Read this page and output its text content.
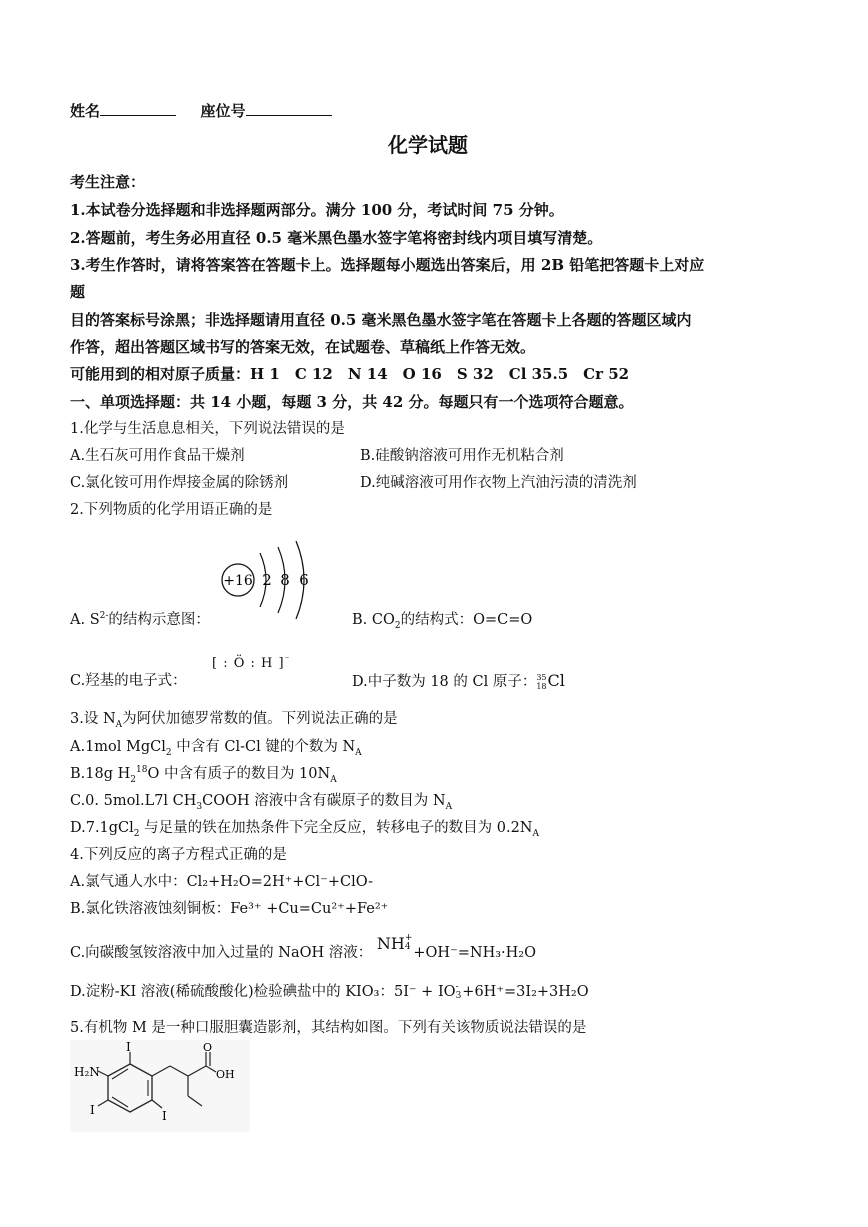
姓名	座位号
化学试题
考生注意：
1.本试卷分选择题和非选择题两部分。满分 100 分，考试时间 75 分钟。
2.答题前，考生务必用直径 0.5 毫米黑色墨水签字笔将密封线内项目填写清楚。
3.考生作答时，请将答案答在答题卡上。选择题每小题选出答案后，用 2B 铅笔把答题卡上对应
题
目的答案标号涂黑；非选择题请用直径 0.5 毫米黑色墨水签字笔在答题卡上各题的答题区域内
作答，超出答题区域书写的答案无效，在试题卷、草稿纸上作答无效。
可能用到的相对原子质量：H 1　C 12　N 14　O 16　S 32　Cl 35.5　Cr 52
一、单项选择题：共 14 小题，每题 3 分，共 42 分。每题只有一个选项符合题意。
1.化学与生活息息相关，下列说法错误的是
A.生石灰可用作食品干燥剂	B.硅酸钠溶液可用作无机粘合剂
C.氯化铵可用作焊接金属的除锈剂	D.纯碱溶液可用作衣物上汽油污渍的清洗剂
2.下列物质的化学用语正确的是
+16 2 8 6
A. $S^{2-}$的结构示意图：	B. $CO_2$的结构式：O=C=O
[ : Ö : H ]⁻
C.羟基的电子式：	D.中子数为 18 的 Cl 原子： 35
18 Cl
3.设 $N_A$为阿伏加德罗常数的值。下列说法正确的是
A.1mol MgCl$_2$ 中含有 Cl-Cl 键的个数为 $N_A$
B.18g $H_2^{18}O$ 中含有质子的数目为 $10N_A$
C.0. 5mol.L7l $CH_3COOH$ 溶液中含有碳原子的数目为 $N_A$
D.7.1gCl$_2$ 与足量的铁在加热条件下完全反应，转移电子的数目为 $0.2N_A$
4.下列反应的离子方程式正确的是
A.氯气通人水中：Cl₂+H₂O=2H⁺+Cl⁻+ClO-
B.氯化铁溶液蚀刻铜板：Fe³⁺ +Cu=Cu²⁺+Fe²⁺
C.向碳酸氢铵溶液中加入过量的 NaOH 溶液： NH +
4 +OH⁻=NH₃·H₂O
D.淀粉-KI 溶液(稀硫酸酸化)检验碘盐中的 KIO₃：5I⁻ + IO -
3 +6H⁺=3I₂+3H₂O
5.有机物 M 是一种口服胆囊造影剂，其结构如图。下列有关该物质说法错误的是
I
H₂N
I	I
O
OH
